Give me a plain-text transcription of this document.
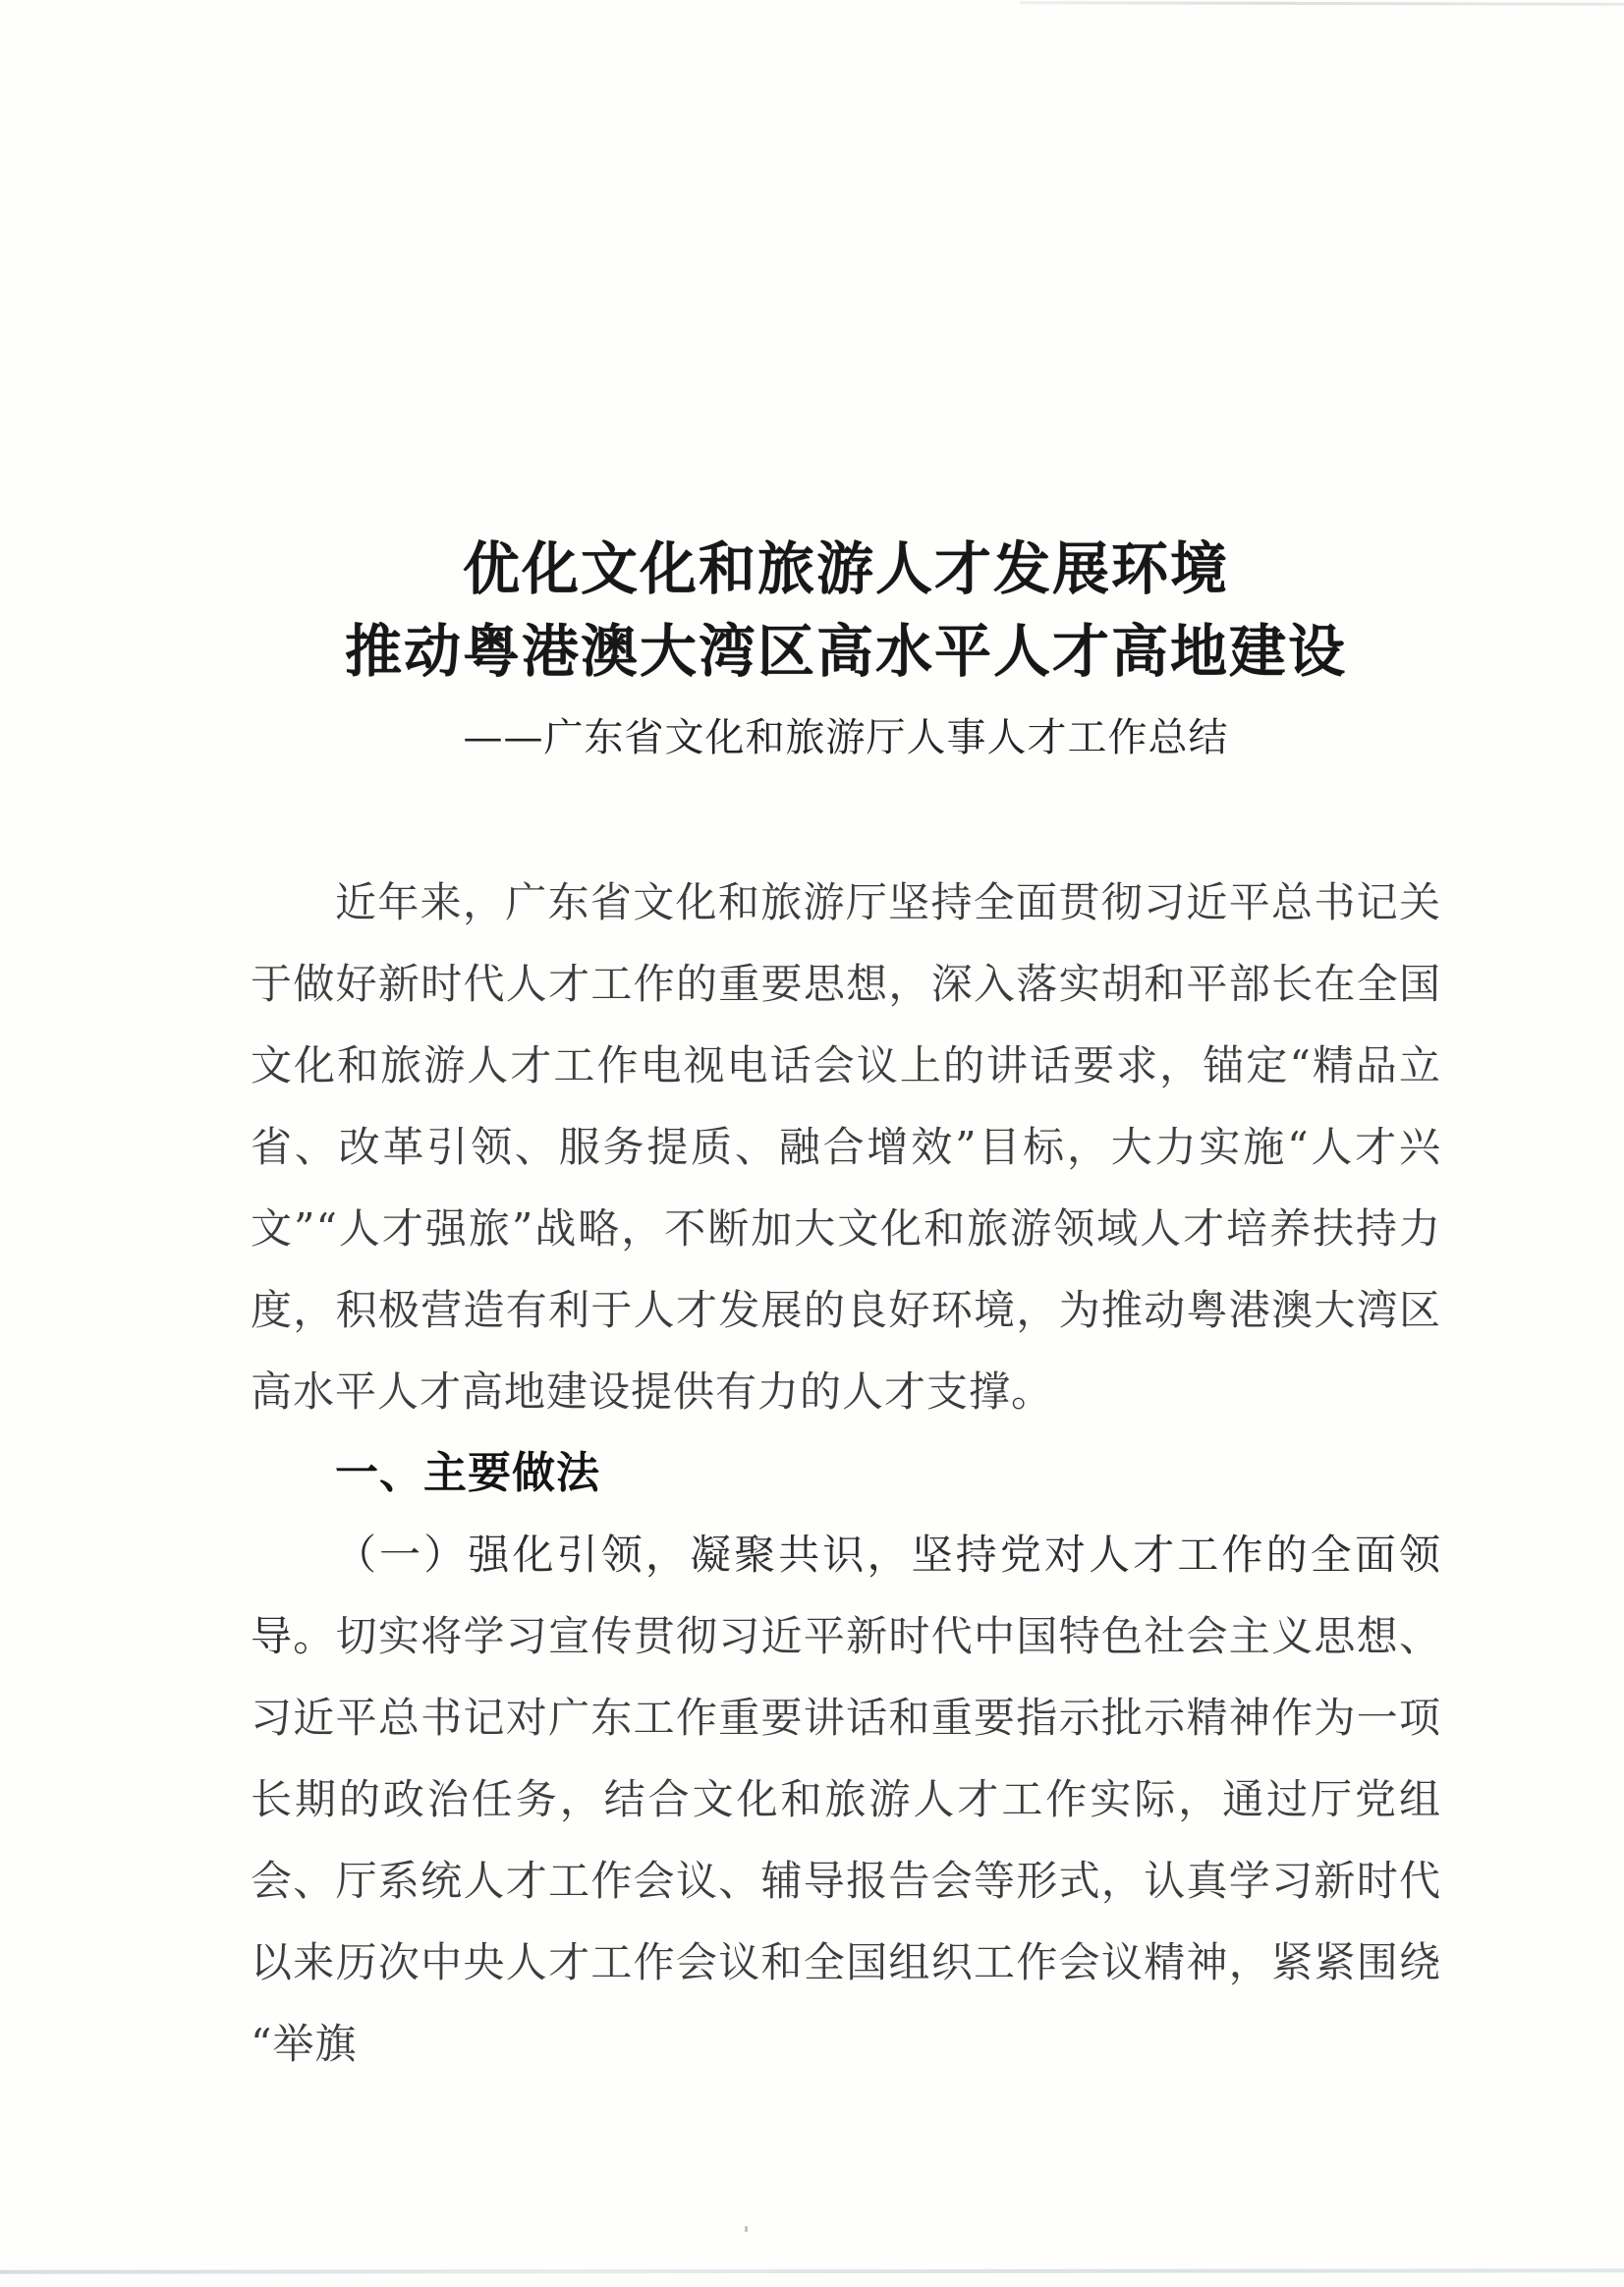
优化文化和旅游人才发展环境
推动粤港澳大湾区高水平人才高地建设
——广东省文化和旅游厅人事人才工作总结

近年来，广东省文化和旅游厅坚持全面贯彻习近平总书记关于做好新时代人才工作的重要思想，深入落实胡和平部长在全国文化和旅游人才工作电视电话会议上的讲话要求，锚定“精品立省、改革引领、服务提质、融合增效”目标，大力实施“人才兴文”“人才强旅”战略，不断加大文化和旅游领域人才培养扶持力度，积极营造有利于人才发展的良好环境，为推动粤港澳大湾区高水平人才高地建设提供有力的人才支撑。

一、主要做法

（一）强化引领，凝聚共识，坚持党对人才工作的全面领导。切实将学习宣传贯彻习近平新时代中国特色社会主义思想、习近平总书记对广东工作重要讲话和重要指示批示精神作为一项长期的政治任务，结合文化和旅游人才工作实际，通过厅党组会、厅系统人才工作会议、辅导报告会等形式，认真学习新时代以来历次中央人才工作会议和全国组织工作会议精神，紧紧围绕“举旗
